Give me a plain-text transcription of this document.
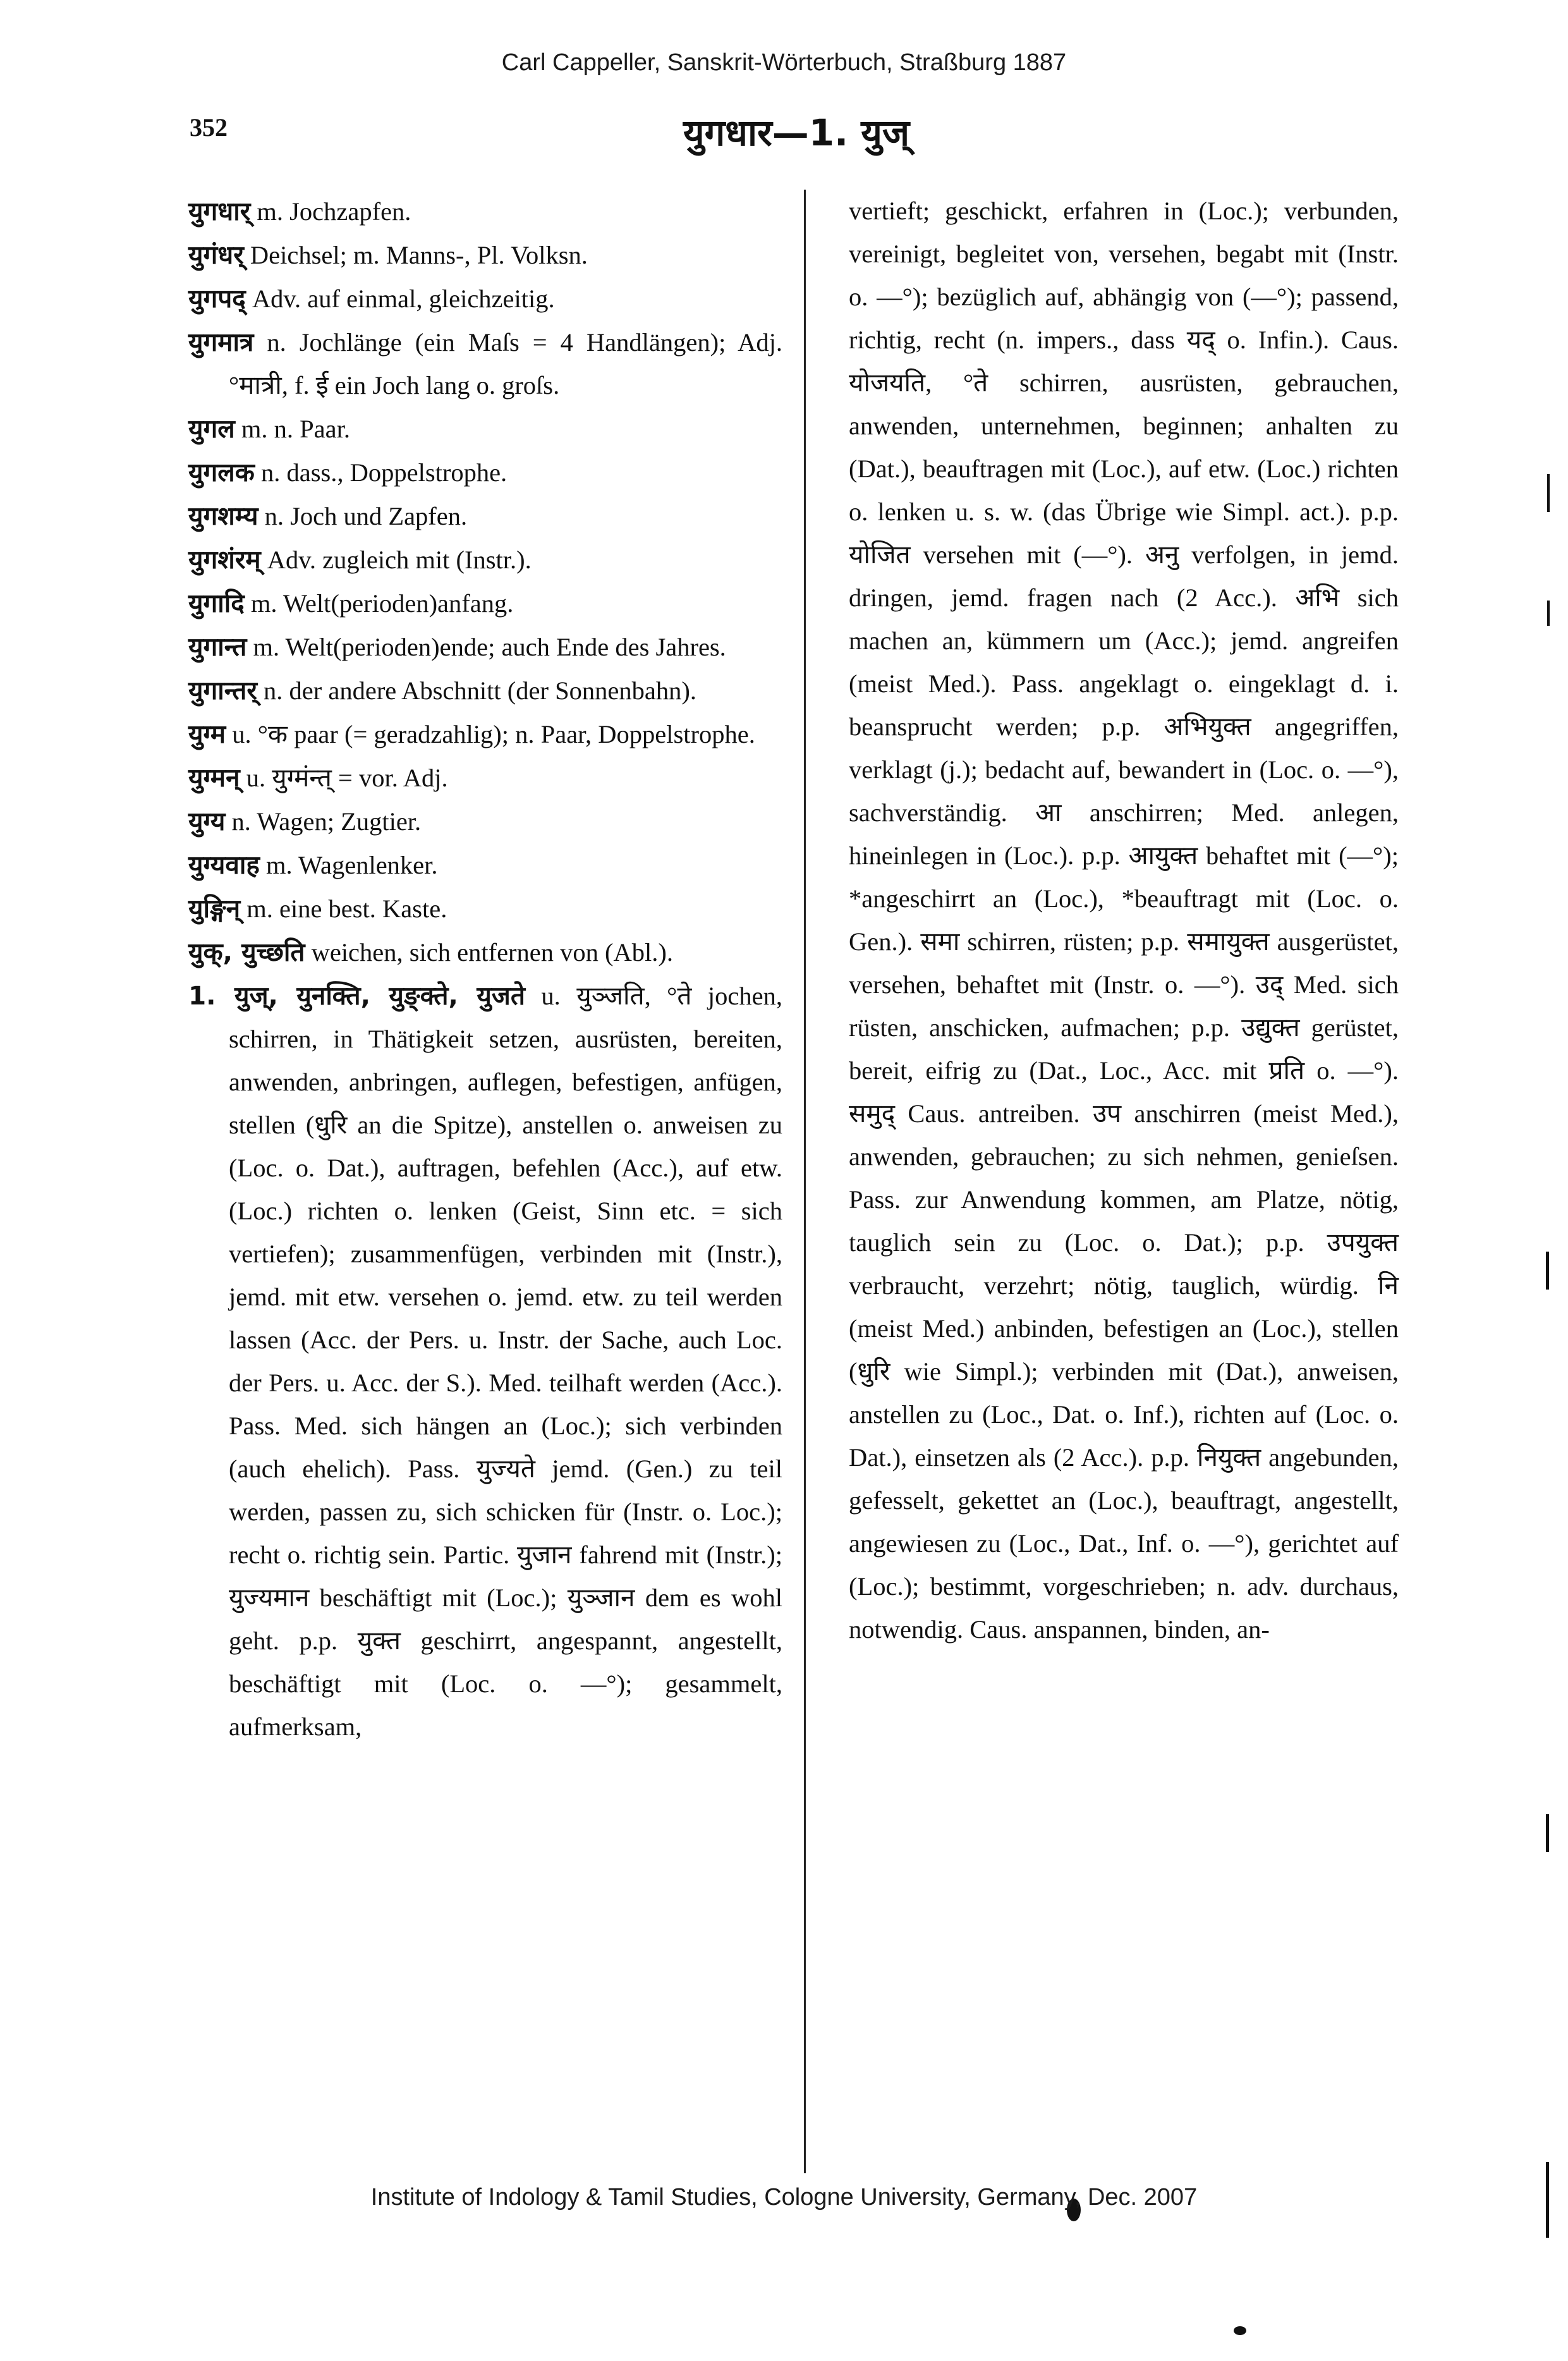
Carl Cappeller, Sanskrit-Wörterbuch, Straßburg 1887
352	युगधार—1. युज्

युगधार् m. Jochzapfen.

युगंधर् Deichsel; m. Manns-, Pl. Volksn.

युगपद् Adv. auf einmal, gleichzeitig.

युगमात्र n. Jochlänge (ein Maſs = 4 Handlängen); Adj. °मात्री, f. ई ein Joch lang o. groſs.

युगल m. n. Paar.

युगलक n. dass., Doppelstrophe.

युगशम्य n. Joch und Zapfen.

युगशंरम् Adv. zugleich mit (Instr.).

युगादि m. Welt(perioden)anfang.

युगान्त m. Welt(perioden)ende; auch Ende des Jahres.

युगान्तर् n. der andere Abschnitt (der Sonnenbahn).

युग्म u. °क paar (= geradzahlig); n. Paar, Doppelstrophe.

युग्मन् u. युग्मंन्त् = vor. Adj.

युग्य n. Wagen; Zugtier.

युग्यवाह m. Wagenlenker.

युङ्गिन् m. eine best. Kaste.

युक्, युच्छति weichen, sich entfernen von (Abl.).

1. युज्, युनक्ति, युङ्क्ते, युजते u. युञ्जति, °ते jochen, schirren, in Thätigkeit setzen, ausrüsten, bereiten, anwenden, anbringen, auflegen, befestigen, anfügen, stellen (धुरि an die Spitze), anstellen o. anweisen zu (Loc. o. Dat.), auftragen, befehlen (Acc.), auf etw. (Loc.) richten o. lenken (Geist, Sinn etc. = sich vertiefen); zusammenfügen, verbinden mit (Instr.), jemd. mit etw. versehen o. jemd. etw. zu teil werden lassen (Acc. der Pers. u. Instr. der Sache, auch Loc. der Pers. u. Acc. der S.). Med. teilhaft werden (Acc.). Pass. Med. sich hängen an (Loc.); sich verbinden (auch ehelich). Pass. युज्यते jemd. (Gen.) zu teil werden, passen zu, sich schicken für (Instr. o. Loc.); recht o. richtig sein. Partic. युजान fahrend mit (Instr.); युज्यमान beschäftigt mit (Loc.); युञ्जान dem es wohl geht. p.p. युक्त geschirrt, angespannt, angestellt, beschäftigt mit (Loc. o. —°); gesammelt, aufmerksam,

vertieft; geschickt, erfahren in (Loc.); verbunden, vereinigt, begleitet von, versehen, begabt mit (Instr. o. —°); bezüglich auf, abhängig von (—°); passend, richtig, recht (n. impers., dass यद् o. Infin.). Caus. योजयति, °ते schirren, ausrüsten, gebrauchen, anwenden, unternehmen, beginnen; anhalten zu (Dat.), beauftragen mit (Loc.), auf etw. (Loc.) richten o. lenken u. s. w. (das Übrige wie Simpl. act.). p.p. योजित versehen mit (—°). अनु verfolgen, in jemd. dringen, jemd. fragen nach (2 Acc.). अभि sich machen an, kümmern um (Acc.); jemd. angreifen (meist Med.). Pass. angeklagt o. eingeklagt d. i. beansprucht werden; p.p. अभियुक्त angegriffen, verklagt (j.); bedacht auf, bewandert in (Loc. o. —°), sachverständig. आ anschirren; Med. anlegen, hineinlegen in (Loc.). p.p. आयुक्त behaftet mit (—°); *angeschirrt an (Loc.), *beauftragt mit (Loc. o. Gen.). समा schirren, rüsten; p.p. समायुक्त ausgerüstet, versehen, behaftet mit (Instr. o. —°). उद् Med. sich rüsten, anschicken, aufmachen; p.p. उद्युक्त gerüstet, bereit, eifrig zu (Dat., Loc., Acc. mit प्रति o. —°). समुद् Caus. antreiben. उप anschirren (meist Med.), anwenden, gebrauchen; zu sich nehmen, genieſsen. Pass. zur Anwendung kommen, am Platze, nötig, tauglich sein zu (Loc. o. Dat.); p.p. उपयुक्त verbraucht, verzehrt; nötig, tauglich, würdig. नि (meist Med.) anbinden, befestigen an (Loc.), stellen (धुरि wie Simpl.); verbinden mit (Dat.), anweisen, anstellen zu (Loc., Dat. o. Inf.), richten auf (Loc. o. Dat.), einsetzen als (2 Acc.). p.p. नियुक्त angebunden, gefesselt, gekettet an (Loc.), beauftragt, angestellt, angewiesen zu (Loc., Dat., Inf. o. —°), gerichtet auf (Loc.); bestimmt, vorgeschrieben; n. adv. durchaus, notwendig. Caus. anspannen, binden, an-

Institute of Indology & Tamil Studies, Cologne University, Germany, Dec. 2007
